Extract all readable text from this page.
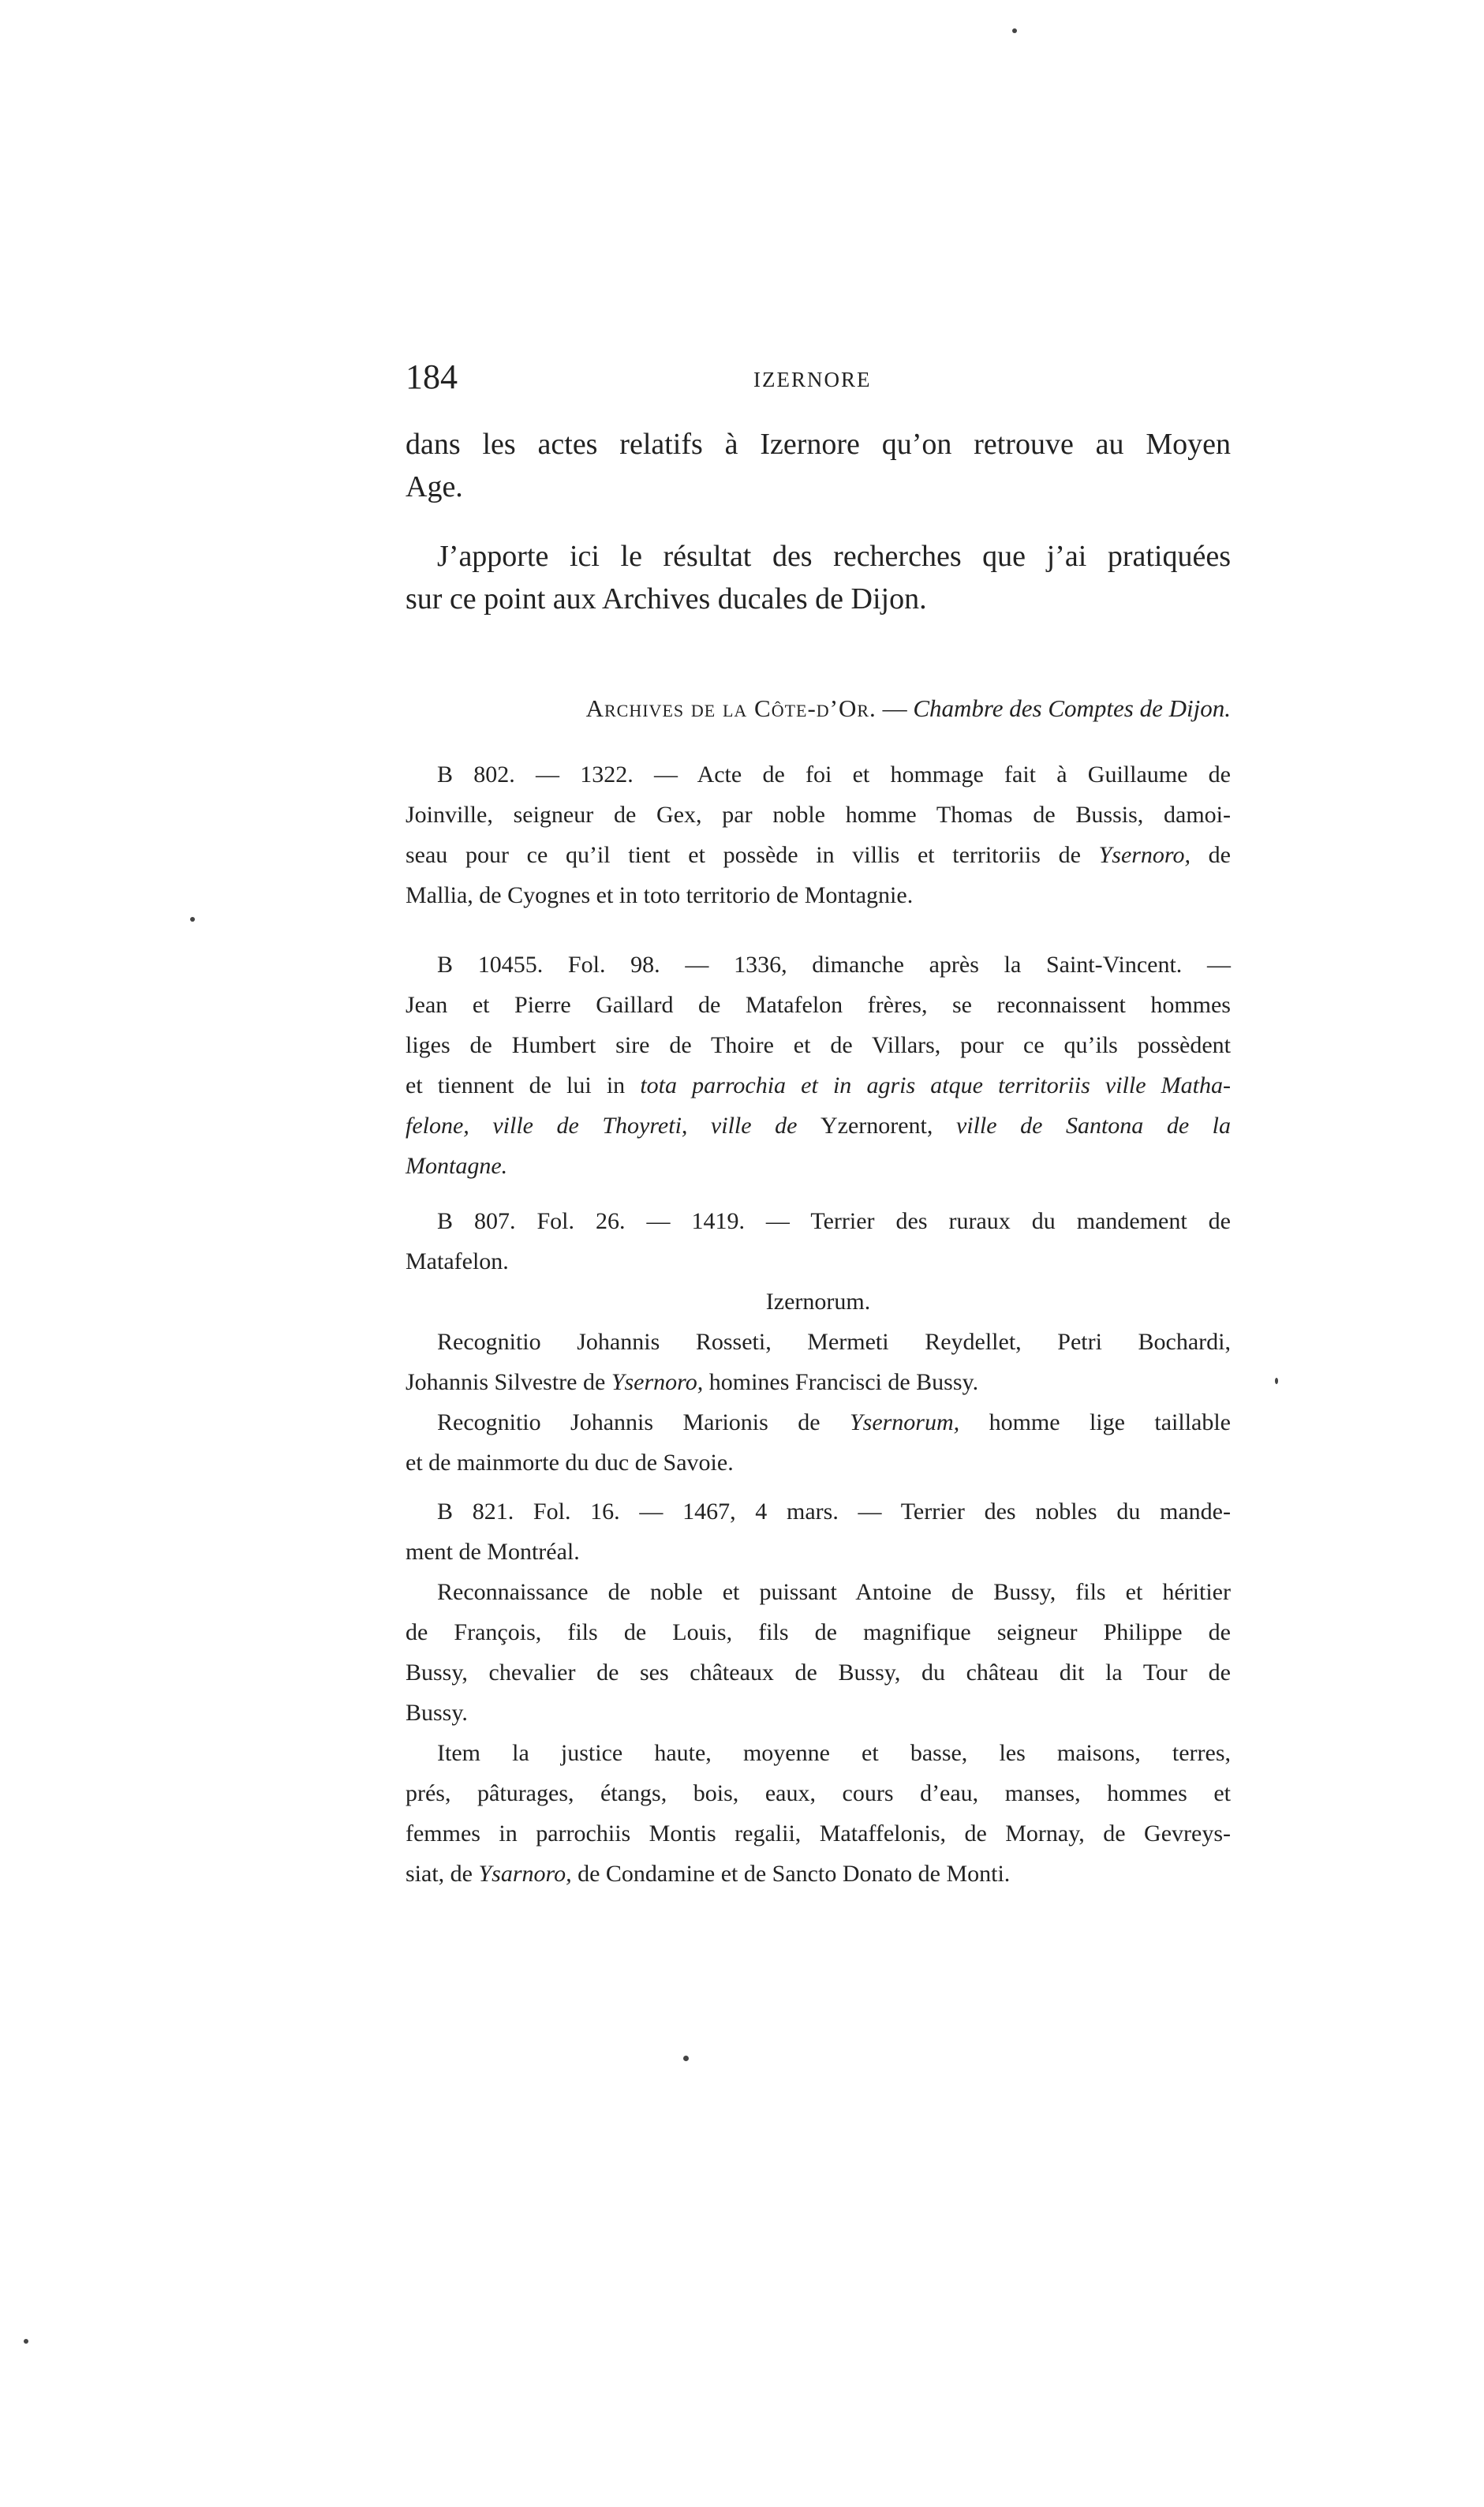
184	IZERNORE
dans les actes relatifs à Izernore qu’on retrouve au Moyen
Age.
J’apporte ici le résultat des recherches que j’ai pratiquées
sur ce point aux Archives ducales de Dijon.
Archives de la Côte-d’Or. — Chambre des Comptes de Dijon.
B 802. — 1322. — Acte de foi et hommage fait à Guillaume de
Joinville, seigneur de Gex, par noble homme Thomas de Bussis, damoi-
seau pour ce qu’il tient et possède in villis et territoriis de Ysernoro, de
Mallia, de Cyognes et in toto territorio de Montagnie.
B 10455. Fol. 98. — 1336, dimanche après la Saint-Vincent. —
Jean et Pierre Gaillard de Matafelon frères, se reconnaissent hommes
liges de Humbert sire de Thoire et de Villars, pour ce qu’ils possèdent
et tiennent de lui in tota parrochia et in agris atque territoriis ville Matha-
felone, ville de Thoyreti, ville de Yzernorent, ville de Santona de la
Montagne.
B 807. Fol. 26. — 1419. — Terrier des ruraux du mandement de
Matafelon.
Izernorum.
Recognitio Johannis Rosseti, Mermeti Reydellet, Petri Bochardi,
Johannis Silvestre de Ysernoro, homines Francisci de Bussy.
Recognitio Johannis Marionis de Ysernorum, homme lige taillable
et de mainmorte du duc de Savoie.
B 821. Fol. 16. — 1467, 4 mars. — Terrier des nobles du mande-
ment de Montréal.
Reconnaissance de noble et puissant Antoine de Bussy, fils et héritier
de François, fils de Louis, fils de magnifique seigneur Philippe de
Bussy, chevalier de ses châteaux de Bussy, du château dit la Tour de
Bussy.
Item la justice haute, moyenne et basse, les maisons, terres,
prés, pâturages, étangs, bois, eaux, cours d’eau, manses, hommes et
femmes in parrochiis Montis regalii, Mataffelonis, de Mornay, de Gevreys-
siat, de Ysarnoro, de Condamine et de Sancto Donato de Monti.
